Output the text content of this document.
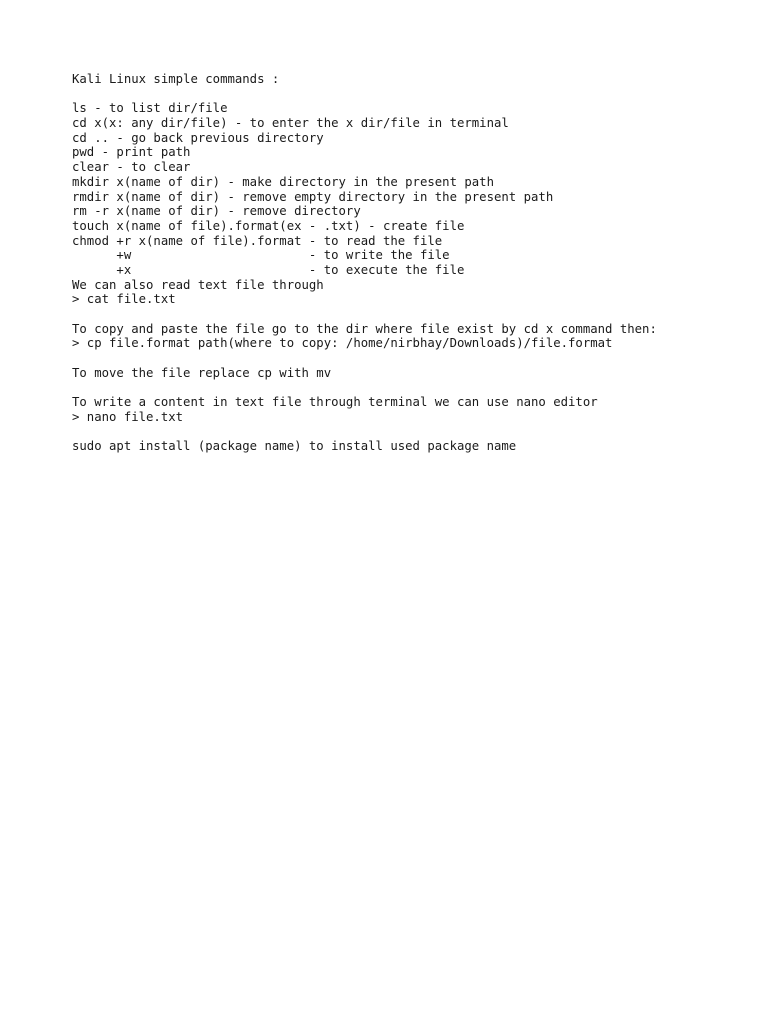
Kali Linux simple commands :
ls - to list dir/file
cd x(x: any dir/file) - to enter the x dir/file in terminal
cd .. - go back previous directory
pwd - print path
clear - to clear
mkdir x(name of dir) - make directory in the present path
rmdir x(name of dir) - remove empty directory in the present path
rm -r x(name of dir) - remove directory
touch x(name of file).format(ex - .txt) - create file
chmod +r x(name of file).format - to read the file
+w                        - to write the file
+x                        - to execute the file
We can also read text file through
> cat file.txt
To copy and paste the file go to the dir where file exist by cd x command then:
> cp file.format path(where to copy: /home/nirbhay/Downloads)/file.format
To move the file replace cp with mv
To write a content in text file through terminal we can use nano editor
> nano file.txt
sudo apt install (package name) to install used package name
